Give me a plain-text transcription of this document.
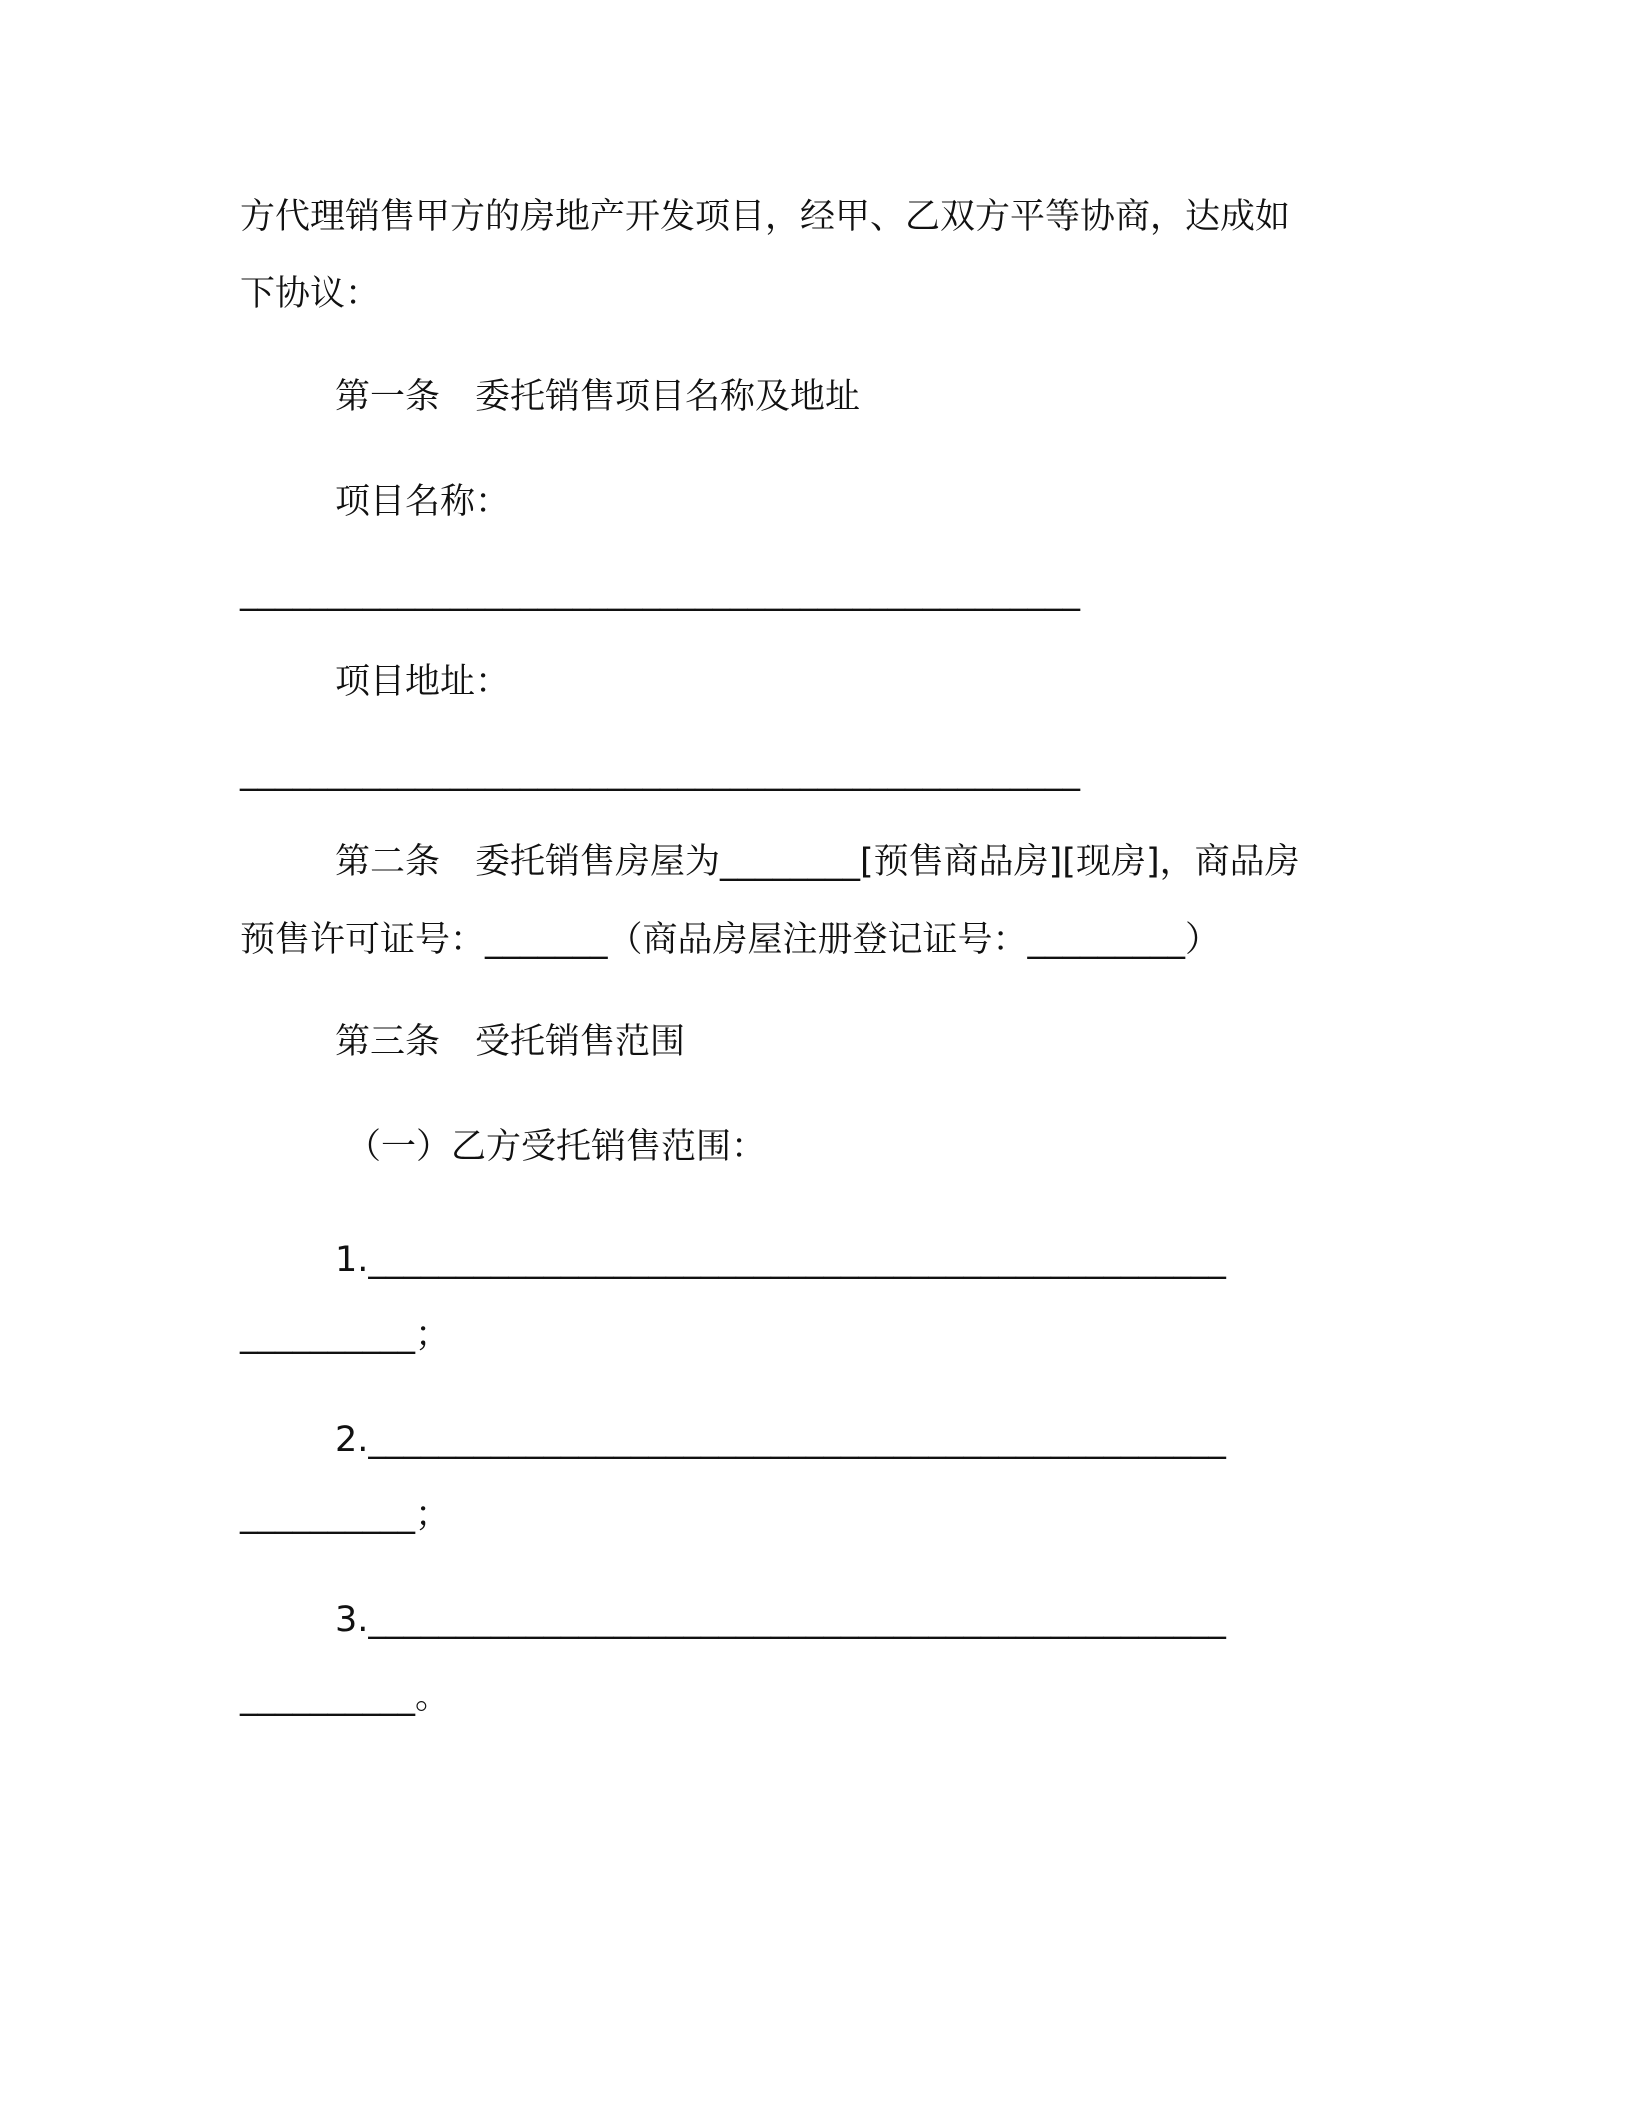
方代理销售甲方的房地产开发项目，经甲、乙双方平等协商，达成如
下协议：
第一条　委托销售项目名称及地址
项目名称：
________________________________________________
项目地址：
________________________________________________
第二条　委托销售房屋为________[预售商品房][现房]，商品房
预售许可证号：_______（商品房屋注册登记证号：_________）
第三条　受托销售范围
（一）乙方受托销售范围：
1._________________________________________________
__________；
2._________________________________________________
__________；
3._________________________________________________
__________。
